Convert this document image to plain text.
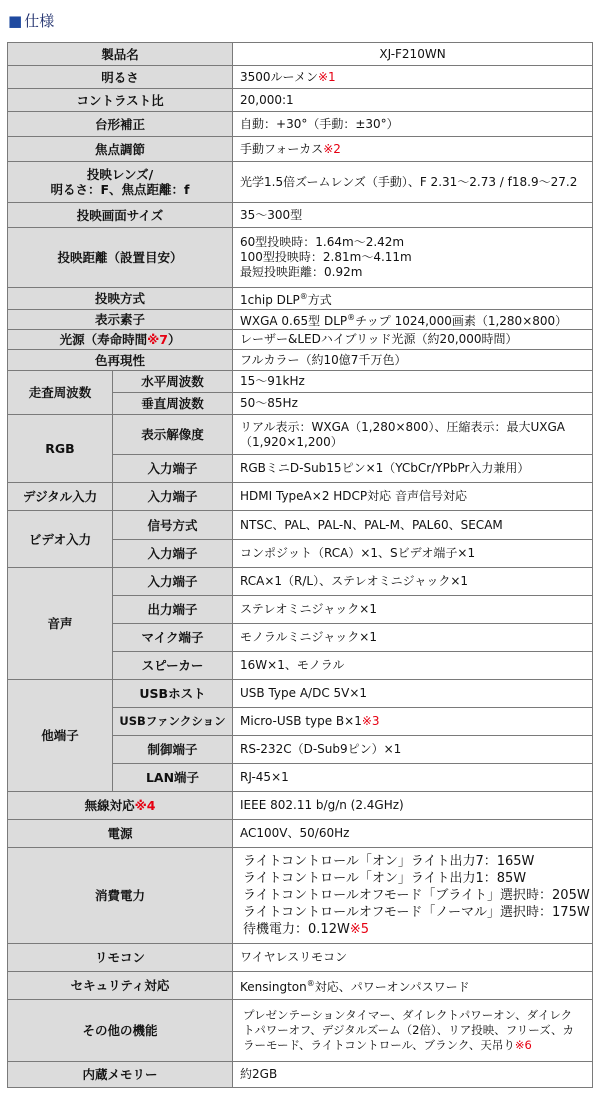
■ 仕様
製品名		XJ-F210WN
明るさ		3500ルーメン※1
コントラスト比		20,000:1
台形補正		自動：+30°（手動：±30°）
焦点調節		手動フォーカス※2

投映レンズ/
明るさ：F、焦点距離：f		光学1.5倍ズームレンズ（手動）、F 2.31～2.73 / f18.9～27.2
投映画面サイズ		35～300型
投映距離（設置目安）		60型投映時：1.64m～2.42m
100型投映時：2.81m～4.11m
最短投映距離：0.92m

投映方式		1chip DLP®方式
表示素子		WXGA 0.65型 DLP®チップ 1024,000画素（1,280×800）
光源（寿命時間※7）		レーザー&LEDハイブリッド光源（約20,000時間）
色再現性		フルカラー（約10億7千万色）
走査周波数	水平周波数	15～91kHz
	垂直周波数	50～85Hz
RGB	表示解像度	リアル表示：WXGA（1,280×800）、圧縮表示：最大UXGA
（1,920×1,200）

	入力端子	RGBミニD-Sub15ピン×1（YCbCr/YPbPr入力兼用）
デジタル入力	入力端子	HDMI TypeA×2 HDCP対応 音声信号対応
ビデオ入力	信号方式	NTSC、PAL、PAL-N、PAL-M、PAL60、SECAM
	入力端子	コンポジット（RCA）×1、Sビデオ端子×1
音声	入力端子	RCA×1（R/L）、ステレオミニジャック×1
	出力端子	ステレオミニジャック×1
	マイク端子	モノラルミニジャック×1
	スピーカー	16W×1、モノラル
他端子	USBホスト	USB Type A/DC 5V×1
	USBファンクション	Micro-USB type B×1※3
	制御端子	RS-232C（D-Sub9ピン）×1
	LAN端子	RJ-45×1
無線対応※4		IEEE 802.11 b/g/n (2.4GHz)
電源		AC100V、50/60Hz
消費電力		ライトコントロール「オン」ライト出力7：165W
ライトコントロール「オン」ライト出力1：85W
ライトコントロールオフモード「ブライト」選択時：205W
ライトコントロールオフモード「ノーマル」選択時：175W
待機電力：0.12W※5

リモコン		ワイヤレスリモコン
セキュリティ対応		Kensington®対応、パワーオンパスワード
その他の機能		プレゼンテーションタイマー、ダイレクトパワーオン、ダイレク
トパワーオフ、デジタルズーム（2倍）、リア投映、フリーズ、カ
ラーモード、ライトコントロール、ブランク、天吊り※6

内蔵メモリー		約2GB
